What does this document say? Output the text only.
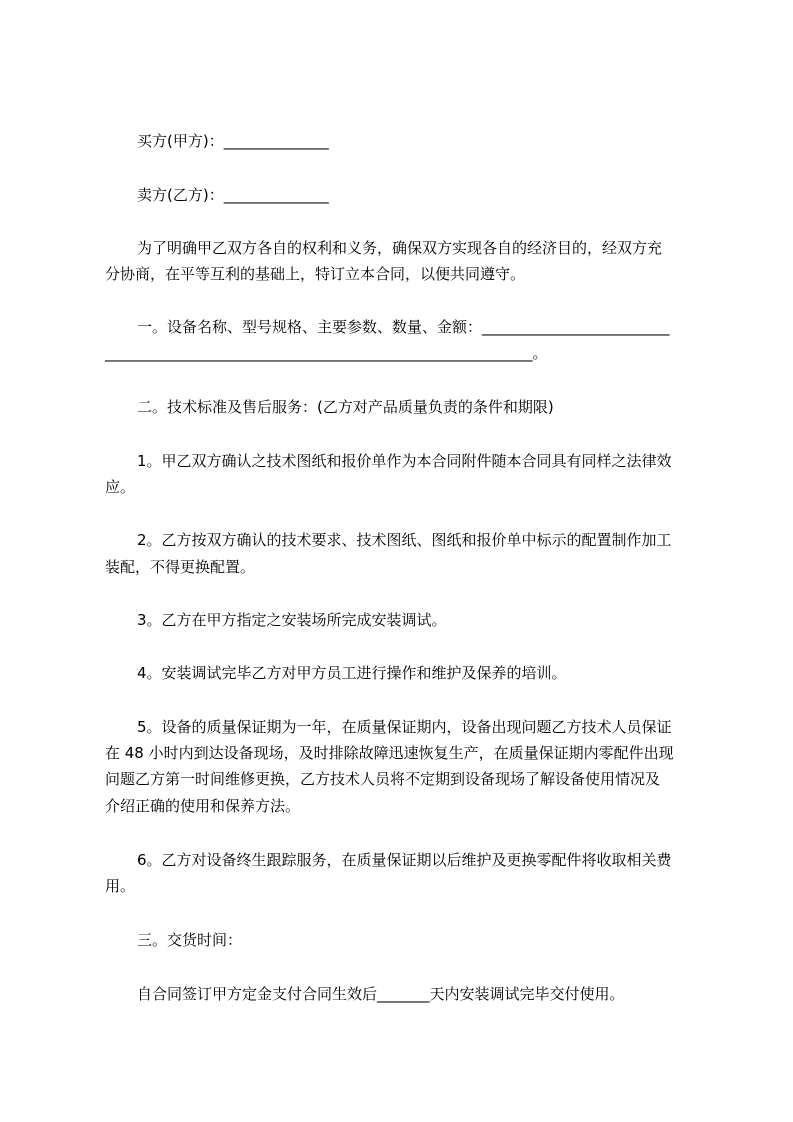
买方(甲方)：______________
卖方(乙方)：______________
为了明确甲乙双方各自的权利和义务，确保双方实现各自的经济目的，经双方充
分协商，在平等互利的基础上，特订立本合同，以便共同遵守。
一。设备名称、型号规格、主要参数、数量、金额：_________________________
_________________________________________________________。
二。技术标准及售后服务：(乙方对产品质量负责的条件和期限)
1。甲乙双方确认之技术图纸和报价单作为本合同附件随本合同具有同样之法律效
应。
2。乙方按双方确认的技术要求、技术图纸、图纸和报价单中标示的配置制作加工
装配，不得更换配置。
3。乙方在甲方指定之安装场所完成安装调试。
4。安装调试完毕乙方对甲方员工进行操作和维护及保养的培训。
5。设备的质量保证期为一年，在质量保证期内，设备出现问题乙方技术人员保证
在 48 小时内到达设备现场，及时排除故障迅速恢复生产，在质量保证期内零配件出现
问题乙方第一时间维修更换，乙方技术人员将不定期到设备现场了解设备使用情况及
介绍正确的使用和保养方法。
6。乙方对设备终生跟踪服务，在质量保证期以后维护及更换零配件将收取相关费
用。
三。交货时间：
自合同签订甲方定金支付合同生效后_______天内安装调试完毕交付使用。
